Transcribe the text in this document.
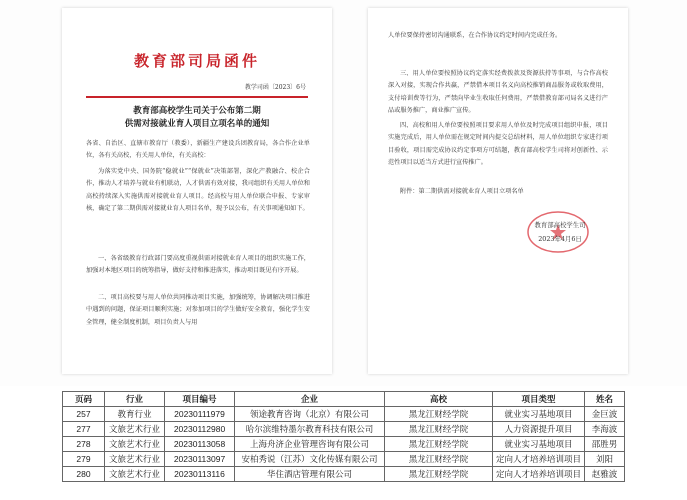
教育部司局函件
教学司函〔2023〕6号
教育部高校学生司关于公布第二期
供需对接就业育人项目立项名单的通知
各省、自治区、直辖市教育厅（教委），新疆生产建设兵团教育局，各合作企业单位，各有关高校，有关用人单位，有关高校：
为落实党中央、国务院“稳就业”“保就业”决策部署，深化产教融合、校企合作，推动人才培养与就业有机联动，人才供需有效对接，我司组织有关用人单位和高校持续深入实施供需对接就业育人项目。经高校与用人单位联合申报、专家审核，确定了第二期供需对接就业育人项目名单，现予以公布，有关事项通知如下。
一、各省级教育行政部门要高度重视供需对接就业育人项目的组织实施工作，加强对本地区项目的统筹指导，做好支持和推进落实，推动项目既见有序开展。
二、项目高校要与用人单位共同推动项目实施，加强统筹，协调解决项目推进中遇到的问题，保证项目顺利实施；对参加项目的学生做好安全教育，强化学生安全管理，健全制度机制，项目负责人与用
人单位要保持密切沟通联系，在合作协议约定时间内完成任务。
三、用人单位要按照协议约定落实经费拨款及资源扶持等事项，与合作高校深入对接，实现合作共赢，严禁借本项目名义向高校推销商品服务或收取费用，支付培训费等行为，严禁向毕业生收取任何费用，严禁借教育部司局名义进行产品或服务推广，商业推广宣传。
四、高校和用人单位要按照项目要求用人单位及时完成项目组织申报，项目实施完成后，用人单位需在规定时间内提交总结材料，用人单位组织专家进行项目验收，项目需完成协议约定事项方可结题，教育部高校学生司将对创新性、示范性项目以适当方式进行宣传推广。
附件：第二期供需对接就业育人项目立项名单
教育部高校学生司
2023年4月6日
页码	行业	项目编号	企业	高校	项目类型	姓名
257	教育行业	20230111979	领途教育咨询（北京）有限公司	黑龙江财经学院	就业实习基地项目	金巨波
277	文旅艺术行业	20230112980	哈尔滨维特墨尔教育科技有限公司	黑龙江财经学院	人力资源提升项目	李海波
278	文旅艺术行业	20230113058	上海舟济企业管理咨询有限公司	黑龙江财经学院	就业实习基地项目	邵胜男
279	文旅艺术行业	20230113097	安柏秀说（江苏）文化传媒有限公司	黑龙江财经学院	定向人才培养培训项目	刘阳
280	文旅艺术行业	20230113116	华住酒店管理有限公司	黑龙江财经学院	定向人才培养培训项目	赵雅波
